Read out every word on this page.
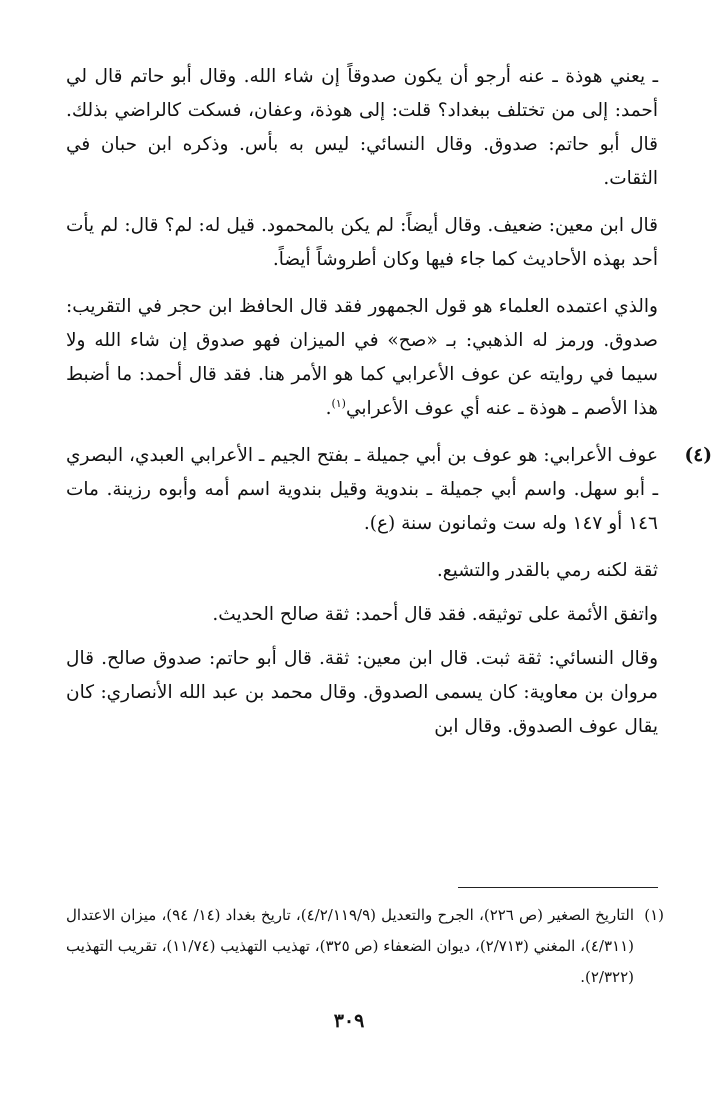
ـ يعني هوذة ـ عنه أرجو أن يكون صدوقاً إن شاء الله. وقال أبو حاتم قال لي أحمد: إلى من تختلف ببغداد؟ قلت: إلى هوذة، وعفان، فسكت كالراضي بذلك. قال أبو حاتم: صدوق. وقال النسائي: ليس به بأس. وذكره ابن حبان في الثقات.

قال ابن معين: ضعيف. وقال أيضاً: لم يكن بالمحمود. قيل له: لم؟ قال: لم يأت أحد بهذه الأحاديث كما جاء فيها وكان أطروشاً أيضاً.

والذي اعتمده العلماء هو قول الجمهور فقد قال الحافظ ابن حجر في التقريب: صدوق. ورمز له الذهبي: بـ «صح» في الميزان فهو صدوق إن شاء الله ولا سيما في روايته عن عوف الأعرابي كما هو الأمر هنا. فقد قال أحمد: ما أضبط هذا الأصم ـ هوذة ـ عنه أي عوف الأعرابي$^{(١)}$.

(٤)
عوف الأعرابي: هو عوف بن أبي جميلة ـ بفتح الجيم ـ الأعرابي العبدي، البصري ـ أبو سهل. واسم أبي جميلة ـ بندوية وقيل بندوية اسم أمه وأبوه رزينة. مات ١٤٦ أو ١٤٧ وله ست وثمانون سنة (ع).

ثقة لكنه رمي بالقدر والتشيع.

واتفق الأئمة على توثيقه. فقد قال أحمد: ثقة صالح الحديث.

وقال النسائي: ثقة ثبت. قال ابن معين: ثقة. قال أبو حاتم: صدوق صالح. قال مروان بن معاوية: كان يسمى الصدوق. وقال محمد بن عبد الله الأنصاري: كان يقال عوف الصدوق. وقال ابن

(١)
التاريخ الصغير (ص ٢٢٦)، الجرح والتعديل (٤/٢/١١٩/٩)، تاريخ بغداد (١٤/ ٩٤)، ميزان الاعتدال (٤/٣١١)، المغني (٢/٧١٣)، ديوان الضعفاء (ص ٣٢٥)، تهذيب التهذيب (١١/٧٤)، تقريب التهذيب (٢/٣٢٢).
٣٠٩
